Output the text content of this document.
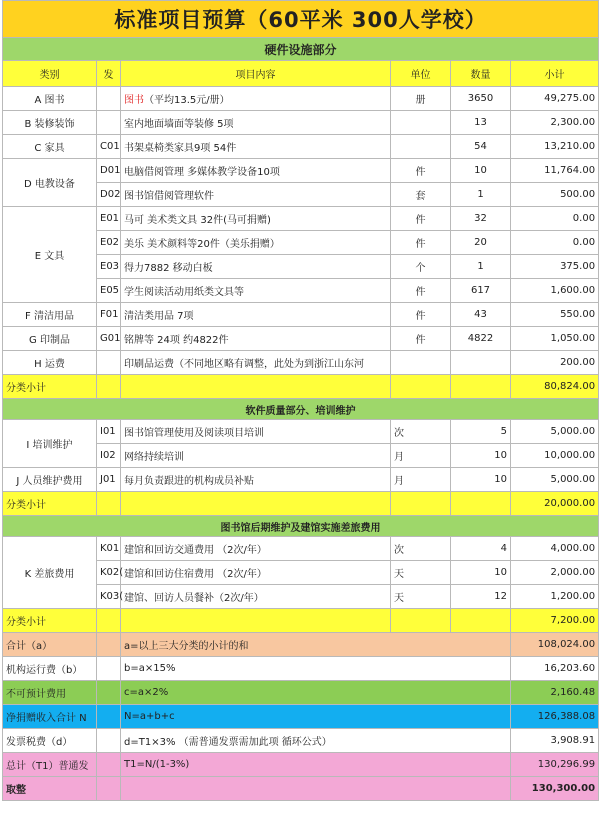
标准项目预算（60平米 300人学校）					
硬件设施部分					
类别	发	项目内容	单位	数量	小计
A 图书		图书（平均13.5元/册）	册	3650	49,275.00
B 装修装饰		室内地面墙面等装修 5项		13	2,300.00
C 家具	C01	书架桌椅类家具9项 54件		54	13,210.00
D 电教设备	D01	电脑借阅管理 多媒体教学设备10项	件	10	11,764.00
	D02	图书馆借阅管理软件	套	1	500.00
E 文具	E01	马可 美术类文具 32件(马可捐赠)	件	32	0.00
	E02	美乐 美术颜料等20件（美乐捐赠）	件	20	0.00
	E03	得力7882 移动白板	个	1	375.00
	E05	学生阅读活动用纸类文具等	件	617	1,600.00
F 清洁用品	F01	清洁类用品 7项	件	43	550.00
G 印制品	G01	铭牌等 24项 约4822件	件	4822	1,050.00
H 运费		印刷品运费（不同地区略有调整，此处为到浙江山东河			200.00
分类小计					80,824.00
软件质量部分、培训维护					
I 培训维护	I01	图书馆管理使用及阅读项目培训	次	5	5,000.00
	I02	网络持续培训	月	10	10,000.00
J 人员维护费用	J01	每月负责跟进的机构成员补贴	月	10	5,000.00
分类小计					20,000.00
图书馆后期维护及建馆实施差旅费用					
K 差旅费用	K01	建馆和回访交通费用 （2次/年）	次	4	4,000.00
	K02(	建馆和回访住宿费用 （2次/年）	天	10	2,000.00
	K03(	建馆、回访人员餐补（2次/年）	天	12	1,200.00
分类小计					7,200.00
合计（a）		a=以上三大分类的小计的和			108,024.00
机构运行费（b）		b=a×15%			16,203.60
不可预计费用		c=a×2%			2,160.48
净捐赠收入合计 N		N=a+b+c			126,388.08
发票税费（d）		d=T1×3% （需普通发票需加此项 循环公式）			3,908.91
总计（T1）普通发		T1=N/(1-3%)			130,296.99
取整					130,300.00
